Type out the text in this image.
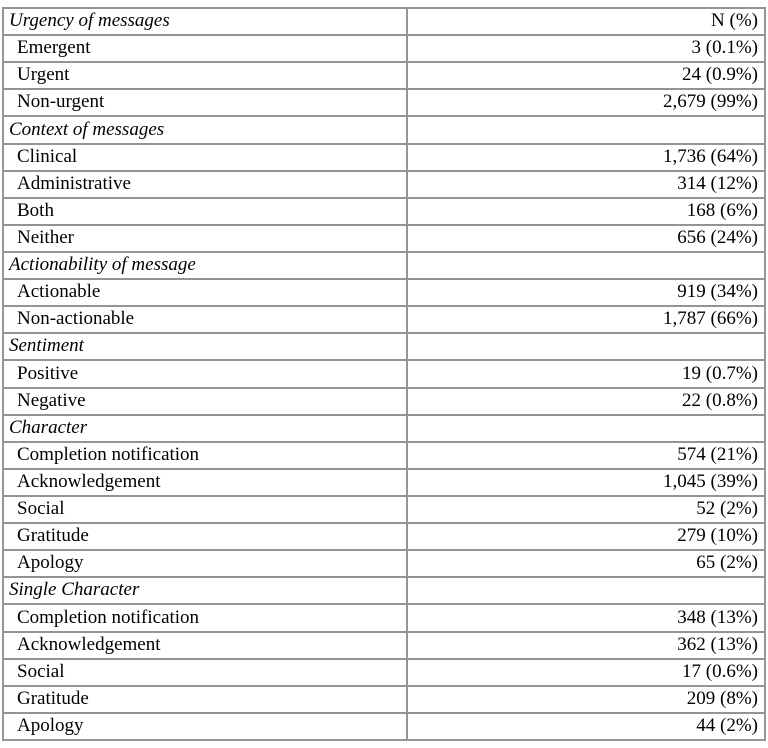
Urgency of messages	N (%)
Emergent	3 (0.1%)
Urgent	24 (0.9%)
Non-urgent	2,679 (99%)
Context of messages	
Clinical	1,736 (64%)
Administrative	314 (12%)
Both	168 (6%)
Neither	656 (24%)
Actionability of message	
Actionable	919 (34%)
Non-actionable	1,787 (66%)
Sentiment	
Positive	19 (0.7%)
Negative	22 (0.8%)
Character	
Completion notification	574 (21%)
Acknowledgement	1,045 (39%)
Social	52 (2%)
Gratitude	279 (10%)
Apology	65 (2%)
Single Character	
Completion notification	348 (13%)
Acknowledgement	362 (13%)
Social	17 (0.6%)
Gratitude	209 (8%)
Apology	44 (2%)
